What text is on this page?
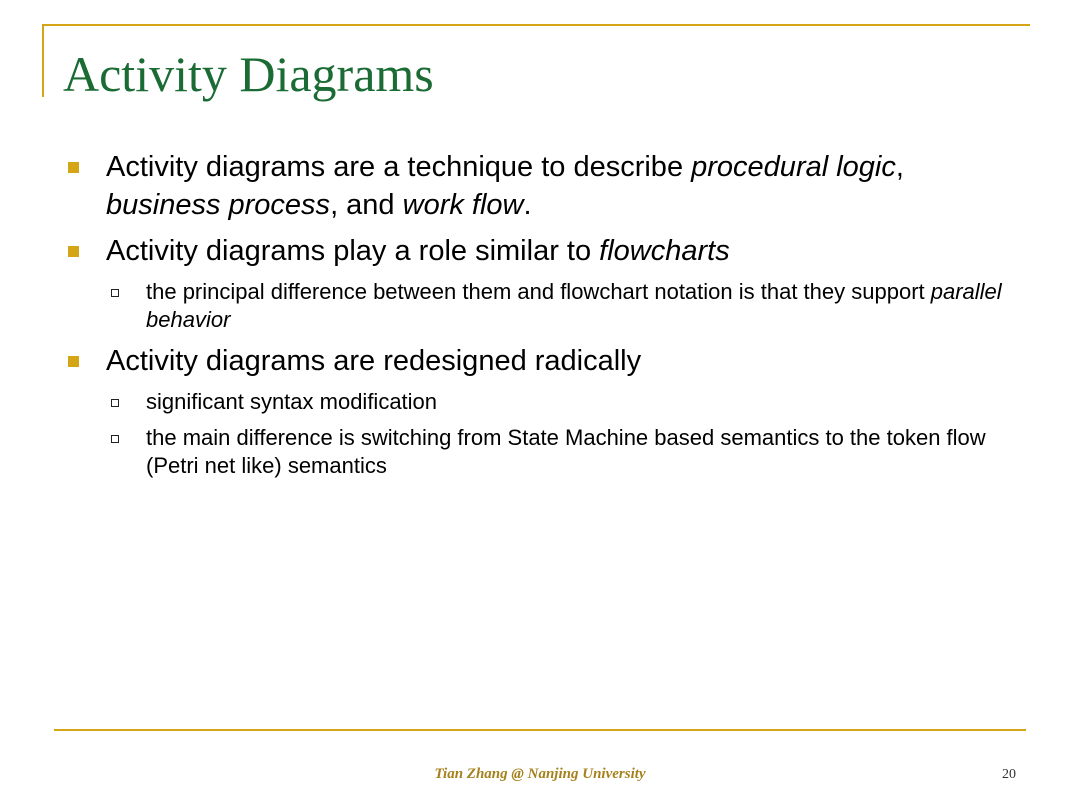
Activity Diagrams
Activity diagrams are a technique to describe procedural logic, business process, and work flow.
Activity diagrams play a role similar to flowcharts
the principal difference between them and flowchart notation is that they support parallel behavior
Activity diagrams are redesigned radically
significant syntax modification
the main difference is switching from State Machine based semantics to the token flow (Petri net like) semantics
Tian Zhang @ Nanjing University	20
